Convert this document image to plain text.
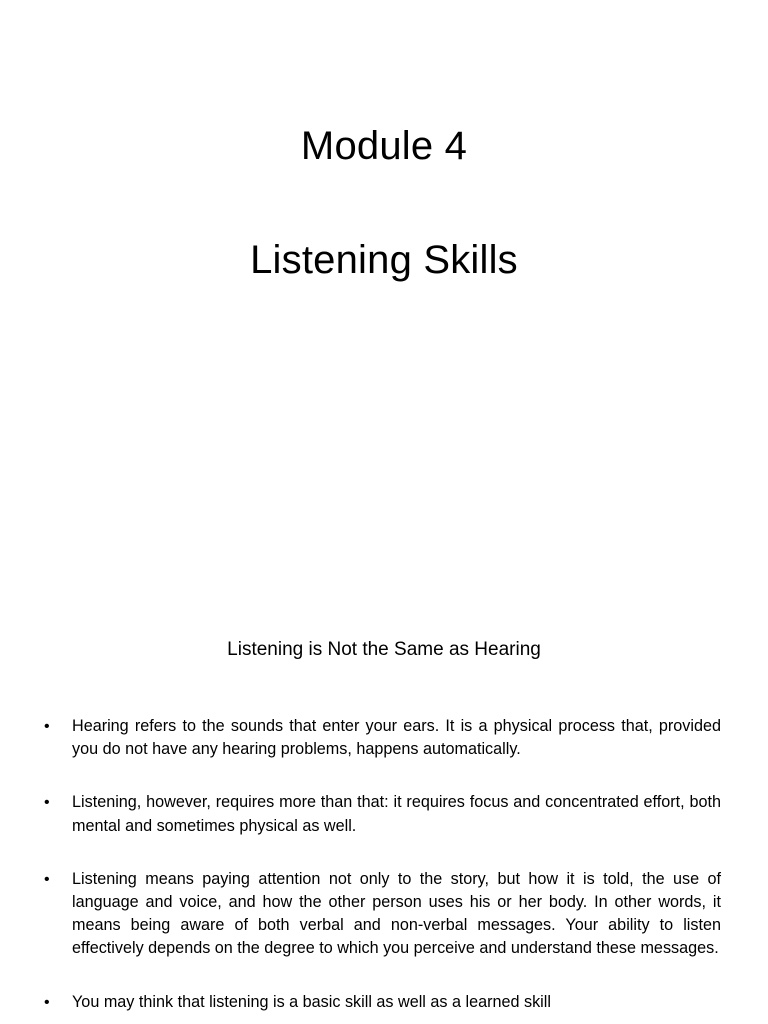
Module 4
Listening Skills
Listening is Not the Same as Hearing
•	Hearing refers to the sounds that enter your ears. It is a physical process that, provided you do not have any hearing problems, happens automatically.
•	Listening, however, requires more than that: it requires focus and concentrated effort, both mental and sometimes physical as well.
•	Listening means paying attention not only to the story, but how it is told, the use of language and voice, and how the other person uses his or her body. In other words, it means being aware of both verbal and non-verbal messages. Your ability to listen effectively depends on the degree to which you perceive and understand these messages.
•	You may think that listening is a basic skill as well as a learned skill
